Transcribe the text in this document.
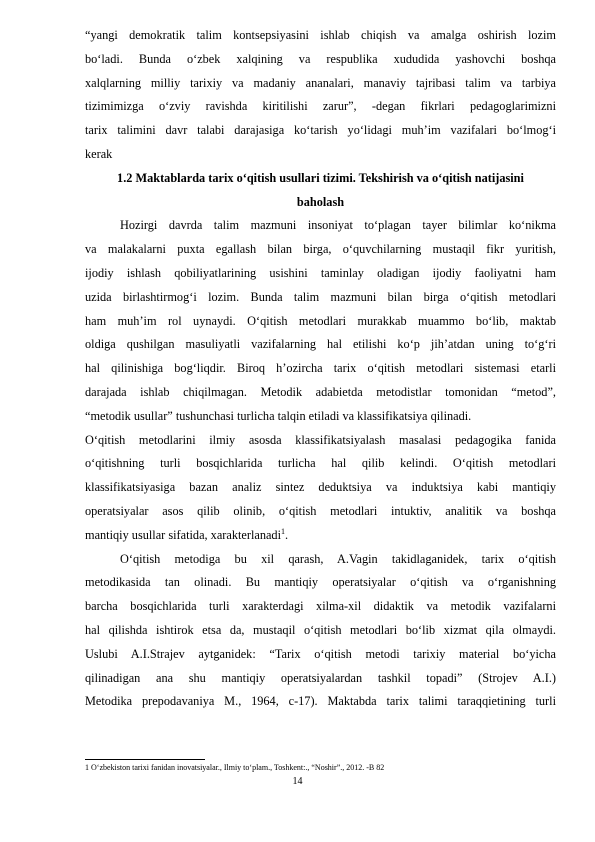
“yangi demokratik talim kontsepsiyasini ishlab chiqish va amalga oshirish lozim
bo‘ladi. Bunda o‘zbek xalqining va respublika xududida yashovchi boshqa
xalqlarning milliy tarixiy va madaniy ananalari, manaviy tajribasi talim va tarbiya
tizimimizga o‘zviy ravishda kiritilishi zarur”, -degan fikrlari pedagoglarimizni
tarix talimini davr talabi darajasiga ko‘tarish yo‘lidagi muh’im vazifalari bo‘lmog‘i
kerak
1.2 Maktablarda tarix o‘qitish usullari tizimi. Tekshirish va o‘qitish natijasini
baholash
Hozirgi davrda talim mazmuni insoniyat to‘plagan tayer bilimlar ko‘nikma
va malakalarni puxta egallash bilan birga, o‘quvchilarning mustaqil fikr yuritish,
ijodiy ishlash qobiliyatlarining usishini taminlay oladigan ijodiy faoliyatni ham
uzida birlashtirmog‘i lozim. Bunda talim mazmuni bilan birga o‘qitish metodlari
ham muh’im rol uynaydi. O‘qitish metodlari murakkab muammo bo‘lib, maktab
oldiga qushilgan masuliyatli vazifalarning hal etilishi ko‘p jih’atdan uning to‘g‘ri
hal qilinishiga bog‘liqdir. Biroq h’ozircha tarix o‘qitish metodlari sistemasi etarli
darajada ishlab chiqilmagan. Metodik adabietda metodistlar tomonidan “metod”,
“metodik usullar” tushunchasi turlicha talqin etiladi va klassifikatsiya qilinadi.
O‘qitish metodlarini ilmiy asosda klassifikatsiyalash masalasi pedagogika fanida
o‘qitishning turli bosqichlarida turlicha hal qilib kelindi. O‘qitish metodlari
klassifikatsiyasiga bazan analiz sintez deduktsiya va induktsiya kabi mantiqiy
operatsiyalar asos qilib olinib, o‘qitish metodlari intuktiv, analitik va boshqa
mantiqiy usullar sifatida, xarakterlanadi$^1$.
O‘qitish metodiga bu xil qarash, A.Vagin takidlaganidek, tarix o‘qitish
metodikasida tan olinadi. Bu mantiqiy operatsiyalar o‘qitish va o‘rganishning
barcha bosqichlarida turli xarakterdagi xilma-xil didaktik va metodik vazifalarni
hal qilishda ishtirok etsa da, mustaqil o‘qitish metodlari bo‘lib xizmat qila olmaydi.
Uslubi A.I.Strajev aytganidek: “Tarix o‘qitish metodi tarixiy material bo‘yicha
qilinadigan ana shu mantiqiy operatsiyalardan tashkil topadi” (Strojev A.I.)
Metodika prepodavaniya M., 1964, c-17). Maktabda tarix talimi taraqqietining turli
1 O‘zbekiston tarixi fanidan inovatsiyalar., Ilmiy to‘plam., Toshkent:., “Noshir”., 2012. -B 82
14
